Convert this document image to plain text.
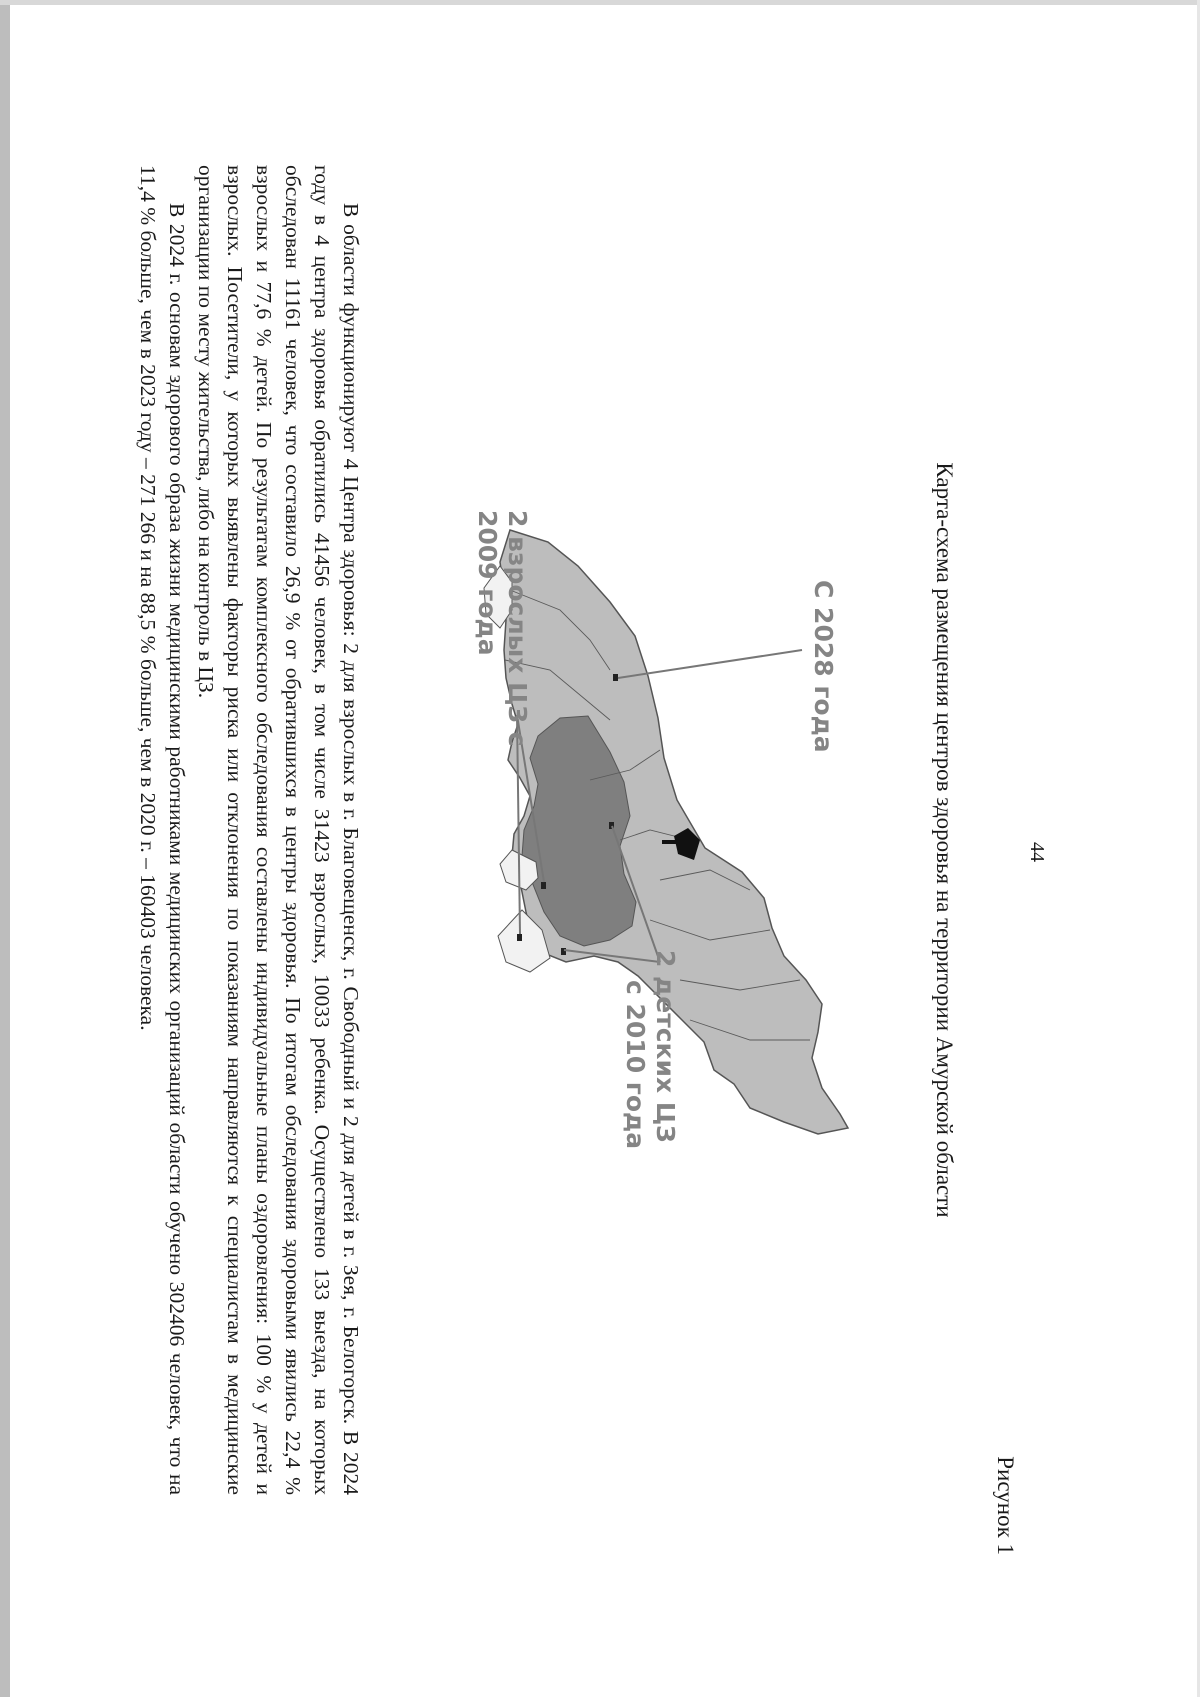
44
Рисунок 1
Карта-схема размещения центров здоровья на территории Амурской области
С 2028 года
2 взрослых ЦЗ с
2009 года
2 детских ЦЗ
с 2010 года

В области функционируют 4 Центра здоровья: 2 для взрослых в г. Благовещенск, г. Свободный и 2 для детей в г. Зея, г. Белогорск. В 2024 году в 4 центра здоровья обратились 41456 человек, в том числе 31423 взрослых, 10033 ребенка. Осуществлено 133 выезда, на которых обследован 11161 человек, что составило 26,9 % от обратившихся в центры здоровья. По итогам обследования здоровыми явились 22,4 % взрослых и 77,6 % детей. По результатам комплексного обследования составлены индивидуальные планы оздоровления: 100 % у детей и взрослых. Посетители, у которых выявлены факторы риска или отклонения по показаниям направляются к специалистам в медицинские организации по месту жительства, либо на контроль в ЦЗ.

В 2024 г. основам здорового образа жизни медицинскими работниками медицинских организаций области обучено 302406 человек, что на 11,4 % больше, чем в 2023 году – 271 266 и на 88,5 % больше, чем в 2020 г. – 160403 человека.
